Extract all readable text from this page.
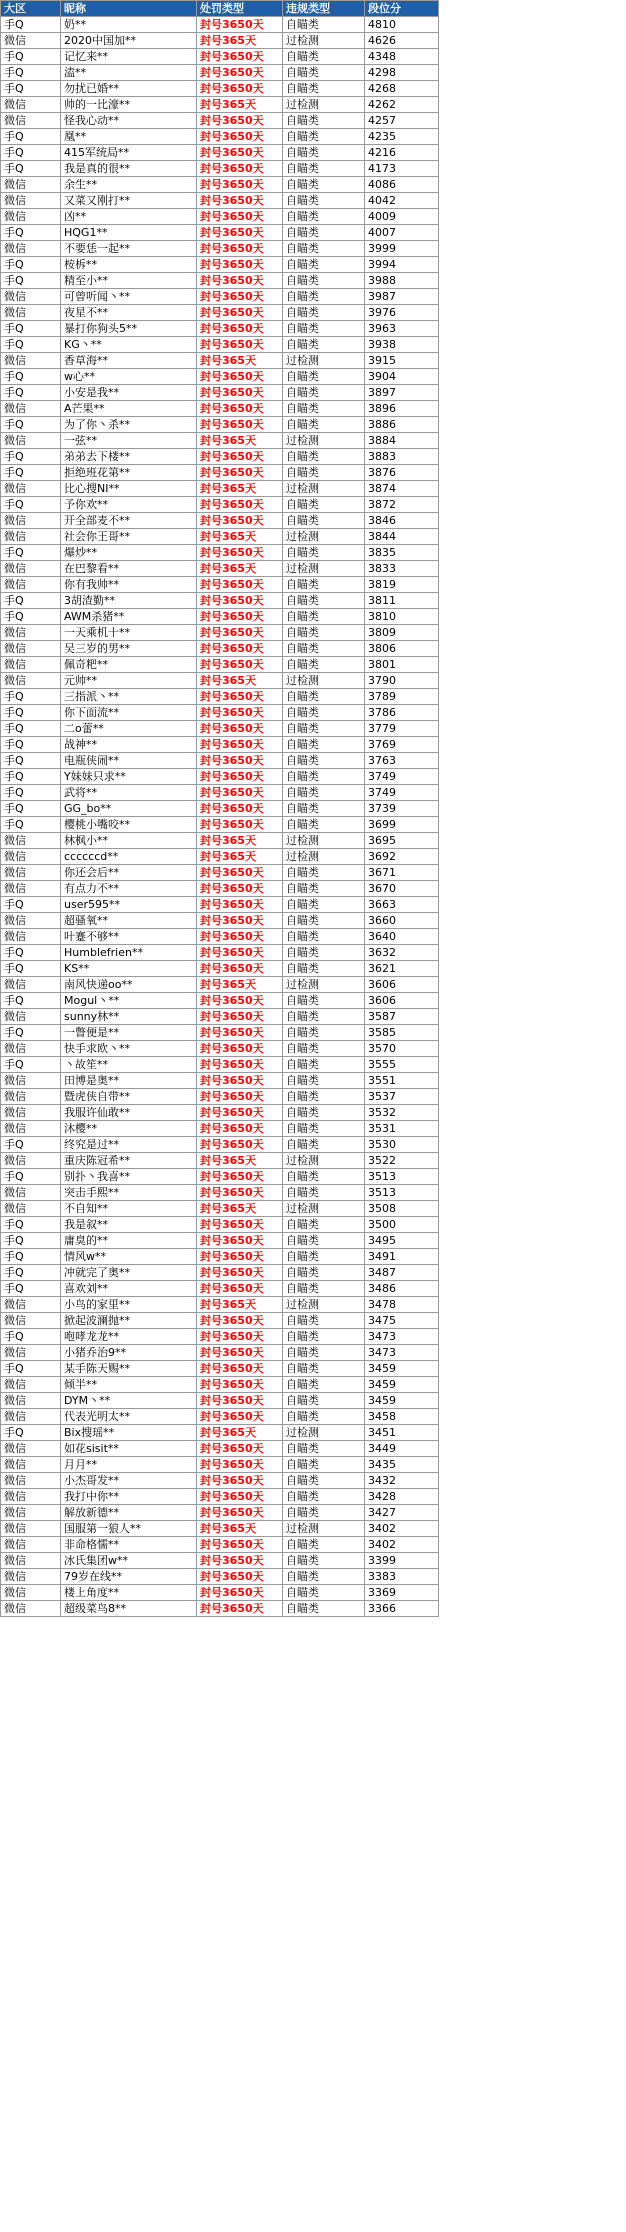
大区	昵称	处罚类型	违规类型	段位分
手Q	奶**	封号3650天	自瞄类	4810
微信	2020中国加**	封号365天	过检测	4626
手Q	记忆来**	封号3650天	自瞄类	4348
手Q	溘**	封号3650天	自瞄类	4298
手Q	勿扰已婚**	封号3650天	自瞄类	4268
微信	帅的一比濠**	封号365天	过检测	4262
微信	怪我心动**	封号3650天	自瞄类	4257
手Q	凰**	封号3650天	自瞄类	4235
手Q	415军统局**	封号3650天	自瞄类	4216
手Q	我是真的很**	封号3650天	自瞄类	4173
微信	余生**	封号3650天	自瞄类	4086
微信	又菜又刚打**	封号3650天	自瞄类	4042
微信	凶**	封号3650天	自瞄类	4009
手Q	HQG1**	封号3650天	自瞄类	4007
微信	不要恁一起**	封号3650天	自瞄类	3999
手Q	桉柝**	封号3650天	自瞄类	3994
手Q	精至小**	封号3650天	自瞄类	3988
微信	可曾听闻丶**	封号3650天	自瞄类	3987
微信	夜星不**	封号3650天	自瞄类	3976
手Q	暴打你狗头5**	封号3650天	自瞄类	3963
手Q	KG丶**	封号3650天	自瞄类	3938
微信	香草海**	封号365天	过检测	3915
手Q	w心**	封号3650天	自瞄类	3904
手Q	小安是我**	封号3650天	自瞄类	3897
微信	A芒果**	封号3650天	自瞄类	3896
手Q	为了你丶杀**	封号3650天	自瞄类	3886
微信	一弦**	封号365天	过检测	3884
手Q	弟弟去下楼**	封号3650天	自瞄类	3883
手Q	拒绝班花第**	封号3650天	自瞄类	3876
微信	比心搜NI**	封号365天	过检测	3874
手Q	予你欢**	封号3650天	自瞄类	3872
微信	开全部麦不**	封号3650天	自瞄类	3846
微信	社会你王哥**	封号365天	过检测	3844
手Q	爆炒**	封号3650天	自瞄类	3835
微信	在巴黎看**	封号365天	过检测	3833
微信	你有我帅**	封号3650天	自瞄类	3819
手Q	3胡渣勤**	封号3650天	自瞄类	3811
手Q	AWM杀猪**	封号3650天	自瞄类	3810
微信	一天乘机十**	封号3650天	自瞄类	3809
微信	吴三岁的男**	封号3650天	自瞄类	3806
微信	佩奇粑**	封号3650天	自瞄类	3801
微信	元帅**	封号365天	过检测	3790
手Q	三指派丶**	封号3650天	自瞄类	3789
手Q	你下面流**	封号3650天	自瞄类	3786
手Q	二o蕾**	封号3650天	自瞄类	3779
手Q	战神**	封号3650天	自瞄类	3769
手Q	电瓶侠闹**	封号3650天	自瞄类	3763
手Q	Y妹妹只求**	封号3650天	自瞄类	3749
手Q	武将**	封号3650天	自瞄类	3749
手Q	GG_bo**	封号3650天	自瞄类	3739
手Q	樱桃小嘴咬**	封号3650天	自瞄类	3699
微信	林枫小**	封号365天	过检测	3695
微信	ccccccd**	封号365天	过检测	3692
微信	你还会后**	封号3650天	自瞄类	3671
微信	有点力不**	封号3650天	自瞄类	3670
手Q	user595**	封号3650天	自瞄类	3663
微信	超骚氧**	封号3650天	自瞄类	3660
微信	叶蹇不够**	封号3650天	自瞄类	3640
手Q	Humblefrien**	封号3650天	自瞄类	3632
手Q	KS**	封号3650天	自瞄类	3621
微信	南风快递oo**	封号365天	过检测	3606
手Q	Mogul丶**	封号3650天	自瞄类	3606
微信	sunny林**	封号3650天	自瞄类	3587
手Q	一瞥便是**	封号3650天	自瞄类	3585
微信	快手求欧丶**	封号3650天	自瞄类	3570
手Q	丶故笙**	封号3650天	自瞄类	3555
微信	田博是奥**	封号3650天	自瞄类	3551
微信	暨虎侠自带**	封号3650天	自瞄类	3537
微信	我服许仙敢**	封号3650天	自瞄类	3532
微信	沐樱**	封号3650天	自瞄类	3531
手Q	终究是过**	封号3650天	自瞄类	3530
微信	重庆陈冠希**	封号365天	过检测	3522
手Q	别扑丶我喜**	封号3650天	自瞄类	3513
微信	突击手熙**	封号3650天	自瞄类	3513
微信	不自知**	封号365天	过检测	3508
手Q	我是叙**	封号3650天	自瞄类	3500
手Q	庸臭的**	封号3650天	自瞄类	3495
手Q	情风w**	封号3650天	自瞄类	3491
手Q	冲就完了奥**	封号3650天	自瞄类	3487
手Q	喜欢刘**	封号3650天	自瞄类	3486
微信	小鸟的家里**	封号365天	过检测	3478
微信	掀起波澜抛**	封号3650天	自瞄类	3475
手Q	咆哮龙龙**	封号3650天	自瞄类	3473
微信	小猪乔治9**	封号3650天	自瞄类	3473
手Q	某手陈天赐**	封号3650天	自瞄类	3459
微信	倾半**	封号3650天	自瞄类	3459
微信	DYM丶**	封号3650天	自瞄类	3459
微信	代表光明太**	封号3650天	自瞄类	3458
手Q	Bix搜瑶**	封号365天	过检测	3451
微信	如花sisit**	封号3650天	自瞄类	3449
微信	月月**	封号3650天	自瞄类	3435
微信	小杰哥发**	封号3650天	自瞄类	3432
微信	我打中你**	封号3650天	自瞄类	3428
微信	解放新德**	封号3650天	自瞄类	3427
微信	国服第一狼人**	封号365天	过检测	3402
微信	非命格懦**	封号3650天	自瞄类	3402
微信	冰氏集团w**	封号3650天	自瞄类	3399
微信	79岁在线**	封号3650天	自瞄类	3383
微信	楼上角度**	封号3650天	自瞄类	3369
微信	超级菜鸟8**	封号3650天	自瞄类	3366
